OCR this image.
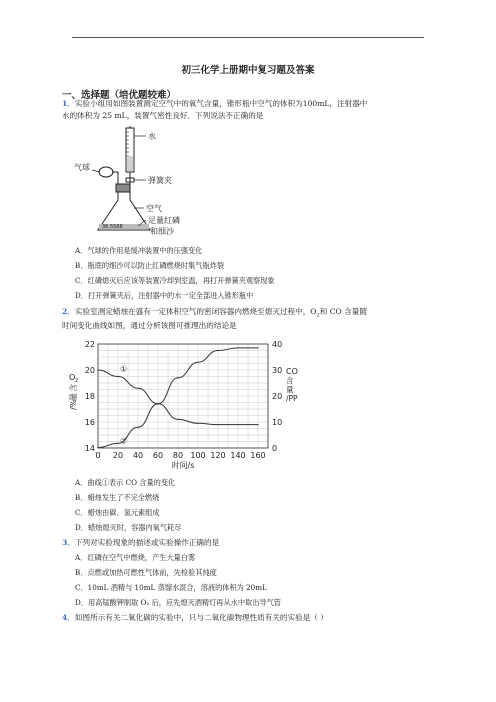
初三化学上册期中复习题及答案
一、选择题（培优题较难）
1．实验小组用如图装置测定空气中的氧气含量，锥形瓶中空气的体积为100mL，注射器中
水的体积为 25 mL，装置气密性良好．下列说法不正确的是
36.5568
气球
水
弹簧夹
空气
足量红磷
和细沙
A．气球的作用是缓冲装置中的压强变化
B．瓶底的细沙可以防止红磷燃烧时集气瓶炸裂
C．红磷熄灭后应该等装置冷却到室温，再打开弹簧夹观察现象
D．打开弹簧夹后，注射器中的水一定全部进入锥形瓶中
2．实验室测定蜡烛在盛有一定体积空气的密闭容器内燃烧至熄灭过程中，$O_2$和 CO 含量随
时间变化曲线如图，通过分析该图可推理出的结论是
0 20 40 60 80 100 120 140 160
14
16
18
20
22
0
10
20
30
40
①
②
时间/s
O 2
含
量
/%
CO
含
量
/PP
A．曲线①表示 CO 含量的变化
B．蜡烛发生了不完全燃烧
C．蜡烛由碳、氢元素组成
D．蜡烛熄灭时，容器内氧气耗尽
3．下列对实验现象的描述或实验操作正确的是
A．红磷在空气中燃烧，产生大量白雾
B．点燃或加热可燃性气体前，先检验其纯度
C．10mL 酒精与 10mL 蒸馏水混合，溶液的体积为 20mL
D．用高锰酸钾制取 O₂ 后，应先熄灭酒精灯再从水中取出导气管
4．如图所示有关二氧化碳的实验中，只与二氧化碳物理性质有关的实验是（ ）
